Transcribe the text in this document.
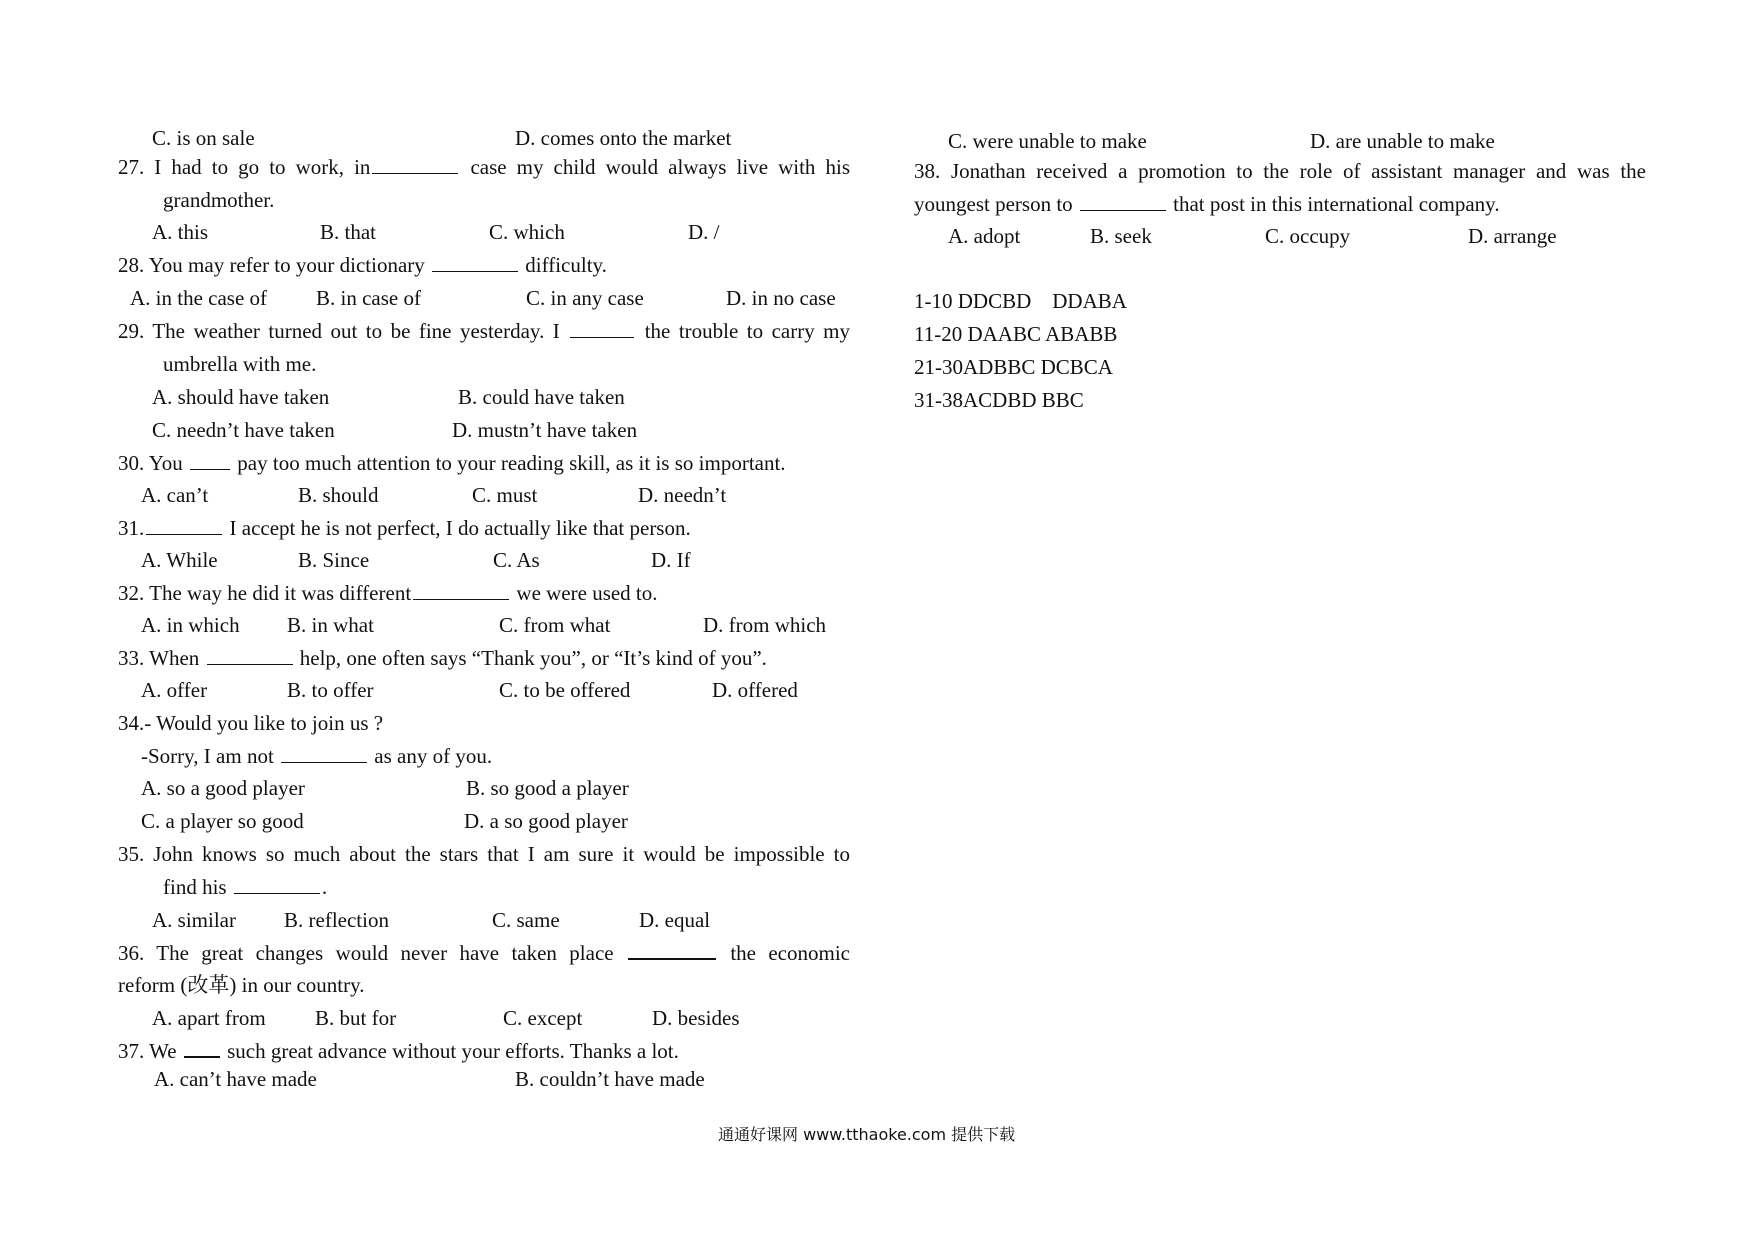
C. is on sale	D. comes onto the market
27. I had to go to work, in	case my child would always live with his
grandmother.
A. this	B. that	C. which	D. /
28. You may refer to your dictionary	difficulty.
A. in the case of B. in case of	C. in any case	D. in no case
29. The weather turned out to be fine yesterday. I	the trouble to carry my
umbrella with me.
A. should have taken	B. could have taken
C. needn’t have taken	D. mustn’t have taken
30. You	pay too much attention to your reading skill, as it is so important.
A. can’t	B. should	C. must	D. needn’t
31.	I accept he is not perfect, I do actually like that person.
A. While	B. Since	C. As	D. If
32. The way he did it was different	we were used to.
A. in which B. in what	C. from what	D. from which
33. When	help, one often says “Thank you”, or “It’s kind of you”.
A. offer	B. to offer	C. to be offered	D. offered
34.- Would you like to join us ?
-Sorry, I am not	as any of you.
A. so a good player	B. so good a player
C. a player so good	D. a so good player
35. John knows so much about the stars that I am sure it would be impossible to
find his	.
A. similar B. reflection	C. same	D. equal
36. The great changes would never have taken place	the economic
reform (改革) in our country.
A. apart from B. but for	C. except	D. besides
37. We such great advance without your efforts. Thanks a lot.
A. can’t have made	B. couldn’t have made
C. were unable to make	D. are unable to make
38. Jonathan received a promotion to the role of assistant manager and was the
youngest person to	that post in this international company.
A. adopt	B. seek	C. occupy	D. arrange
1-10 DDCBD    DDABA
11-20 DAABC ABABB
21-30ADBBC DCBCA
31-38ACDBD BBC
通通好课网 www.tthaoke.com 提供下载
